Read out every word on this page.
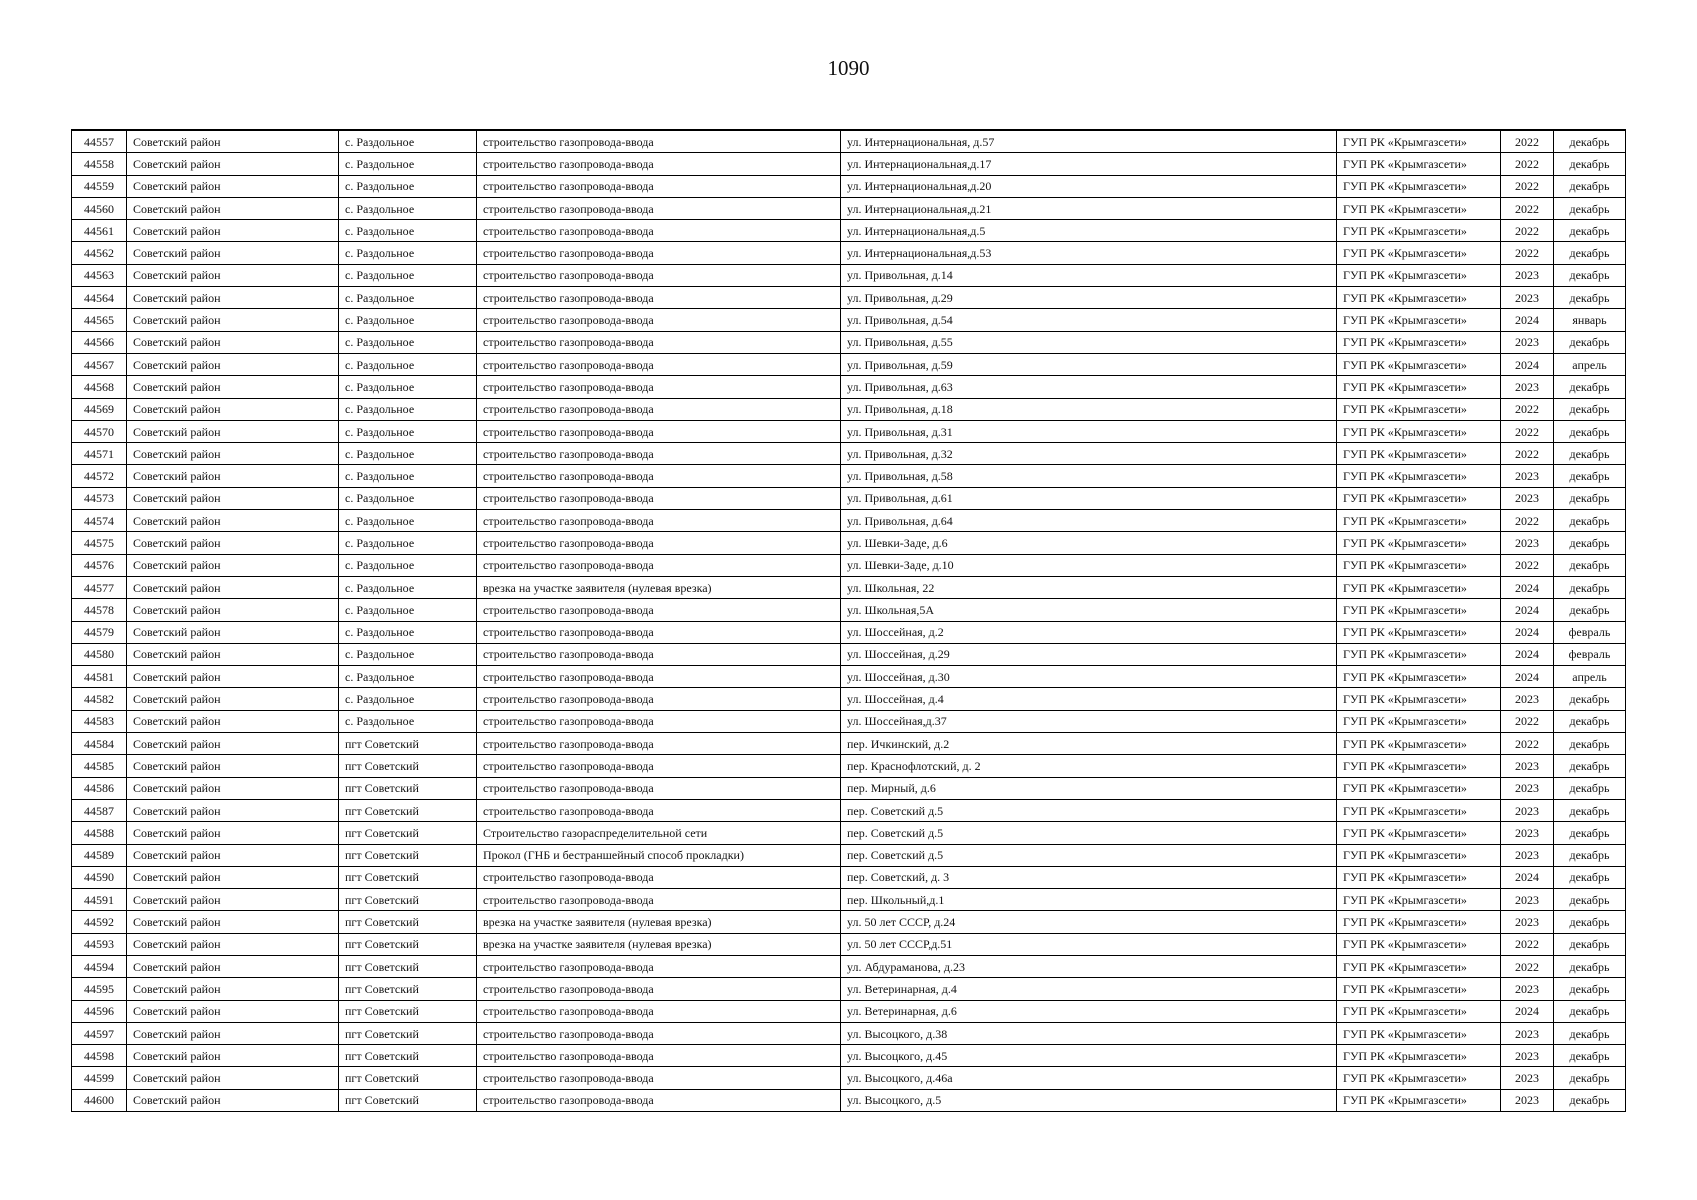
1090
44557	Советский район	с. Раздольное	строительство газопровода-ввода	ул. Интернациональная, д.57	ГУП РК «Крымгазсети»	2022	декабрь
44558	Советский район	с. Раздольное	строительство газопровода-ввода	ул. Интернациональная,д.17	ГУП РК «Крымгазсети»	2022	декабрь
44559	Советский район	с. Раздольное	строительство газопровода-ввода	ул. Интернациональная,д.20	ГУП РК «Крымгазсети»	2022	декабрь
44560	Советский район	с. Раздольное	строительство газопровода-ввода	ул. Интернациональная,д.21	ГУП РК «Крымгазсети»	2022	декабрь
44561	Советский район	с. Раздольное	строительство газопровода-ввода	ул. Интернациональная,д.5	ГУП РК «Крымгазсети»	2022	декабрь
44562	Советский район	с. Раздольное	строительство газопровода-ввода	ул. Интернациональная,д.53	ГУП РК «Крымгазсети»	2022	декабрь
44563	Советский район	с. Раздольное	строительство газопровода-ввода	ул. Привольная, д.14	ГУП РК «Крымгазсети»	2023	декабрь
44564	Советский район	с. Раздольное	строительство газопровода-ввода	ул. Привольная, д.29	ГУП РК «Крымгазсети»	2023	декабрь
44565	Советский район	с. Раздольное	строительство газопровода-ввода	ул. Привольная, д.54	ГУП РК «Крымгазсети»	2024	январь
44566	Советский район	с. Раздольное	строительство газопровода-ввода	ул. Привольная, д.55	ГУП РК «Крымгазсети»	2023	декабрь
44567	Советский район	с. Раздольное	строительство газопровода-ввода	ул. Привольная, д.59	ГУП РК «Крымгазсети»	2024	апрель
44568	Советский район	с. Раздольное	строительство газопровода-ввода	ул. Привольная, д.63	ГУП РК «Крымгазсети»	2023	декабрь
44569	Советский район	с. Раздольное	строительство газопровода-ввода	ул. Привольная, д.18	ГУП РК «Крымгазсети»	2022	декабрь
44570	Советский район	с. Раздольное	строительство газопровода-ввода	ул. Привольная, д.31	ГУП РК «Крымгазсети»	2022	декабрь
44571	Советский район	с. Раздольное	строительство газопровода-ввода	ул. Привольная, д.32	ГУП РК «Крымгазсети»	2022	декабрь
44572	Советский район	с. Раздольное	строительство газопровода-ввода	ул. Привольная, д.58	ГУП РК «Крымгазсети»	2023	декабрь
44573	Советский район	с. Раздольное	строительство газопровода-ввода	ул. Привольная, д.61	ГУП РК «Крымгазсети»	2023	декабрь
44574	Советский район	с. Раздольное	строительство газопровода-ввода	ул. Привольная, д.64	ГУП РК «Крымгазсети»	2022	декабрь
44575	Советский район	с. Раздольное	строительство газопровода-ввода	ул. Шевки-Заде, д.6	ГУП РК «Крымгазсети»	2023	декабрь
44576	Советский район	с. Раздольное	строительство газопровода-ввода	ул. Шевки-Заде, д.10	ГУП РК «Крымгазсети»	2022	декабрь
44577	Советский район	с. Раздольное	врезка на участке заявителя (нулевая врезка)	ул. Школьная, 22	ГУП РК «Крымгазсети»	2024	декабрь
44578	Советский район	с. Раздольное	строительство газопровода-ввода	ул. Школьная,5А	ГУП РК «Крымгазсети»	2024	декабрь
44579	Советский район	с. Раздольное	строительство газопровода-ввода	ул. Шоссейная, д.2	ГУП РК «Крымгазсети»	2024	февраль
44580	Советский район	с. Раздольное	строительство газопровода-ввода	ул. Шоссейная, д.29	ГУП РК «Крымгазсети»	2024	февраль
44581	Советский район	с. Раздольное	строительство газопровода-ввода	ул. Шоссейная, д.30	ГУП РК «Крымгазсети»	2024	апрель
44582	Советский район	с. Раздольное	строительство газопровода-ввода	ул. Шоссейная, д.4	ГУП РК «Крымгазсети»	2023	декабрь
44583	Советский район	с. Раздольное	строительство газопровода-ввода	ул. Шоссейная,д.37	ГУП РК «Крымгазсети»	2022	декабрь
44584	Советский район	пгт Советский	строительство газопровода-ввода	пер. Ичкинский, д.2	ГУП РК «Крымгазсети»	2022	декабрь
44585	Советский район	пгт Советский	строительство газопровода-ввода	пер. Краснофлотский, д. 2	ГУП РК «Крымгазсети»	2023	декабрь
44586	Советский район	пгт Советский	строительство газопровода-ввода	пер. Мирный, д.6	ГУП РК «Крымгазсети»	2023	декабрь
44587	Советский район	пгт Советский	строительство газопровода-ввода	пер. Советский д.5	ГУП РК «Крымгазсети»	2023	декабрь
44588	Советский район	пгт Советский	Строительство газораспределительной сети	пер. Советский д.5	ГУП РК «Крымгазсети»	2023	декабрь
44589	Советский район	пгт Советский	Прокол (ГНБ и бестраншейный способ прокладки)	пер. Советский д.5	ГУП РК «Крымгазсети»	2023	декабрь
44590	Советский район	пгт Советский	строительство газопровода-ввода	пер. Советский, д. 3	ГУП РК «Крымгазсети»	2024	декабрь
44591	Советский район	пгт Советский	строительство газопровода-ввода	пер. Школьный,д.1	ГУП РК «Крымгазсети»	2023	декабрь
44592	Советский район	пгт Советский	врезка на участке заявителя (нулевая врезка)	ул. 50 лет СССР, д.24	ГУП РК «Крымгазсети»	2023	декабрь
44593	Советский район	пгт Советский	врезка на участке заявителя (нулевая врезка)	ул. 50 лет СССР,д.51	ГУП РК «Крымгазсети»	2022	декабрь
44594	Советский район	пгт Советский	строительство газопровода-ввода	ул. Абдураманова, д.23	ГУП РК «Крымгазсети»	2022	декабрь
44595	Советский район	пгт Советский	строительство газопровода-ввода	ул. Ветеринарная, д.4	ГУП РК «Крымгазсети»	2023	декабрь
44596	Советский район	пгт Советский	строительство газопровода-ввода	ул. Ветеринарная, д.6	ГУП РК «Крымгазсети»	2024	декабрь
44597	Советский район	пгт Советский	строительство газопровода-ввода	ул. Высоцкого, д.38	ГУП РК «Крымгазсети»	2023	декабрь
44598	Советский район	пгт Советский	строительство газопровода-ввода	ул. Высоцкого, д.45	ГУП РК «Крымгазсети»	2023	декабрь
44599	Советский район	пгт Советский	строительство газопровода-ввода	ул. Высоцкого, д.46а	ГУП РК «Крымгазсети»	2023	декабрь
44600	Советский район	пгт Советский	строительство газопровода-ввода	ул. Высоцкого, д.5	ГУП РК «Крымгазсети»	2023	декабрь
